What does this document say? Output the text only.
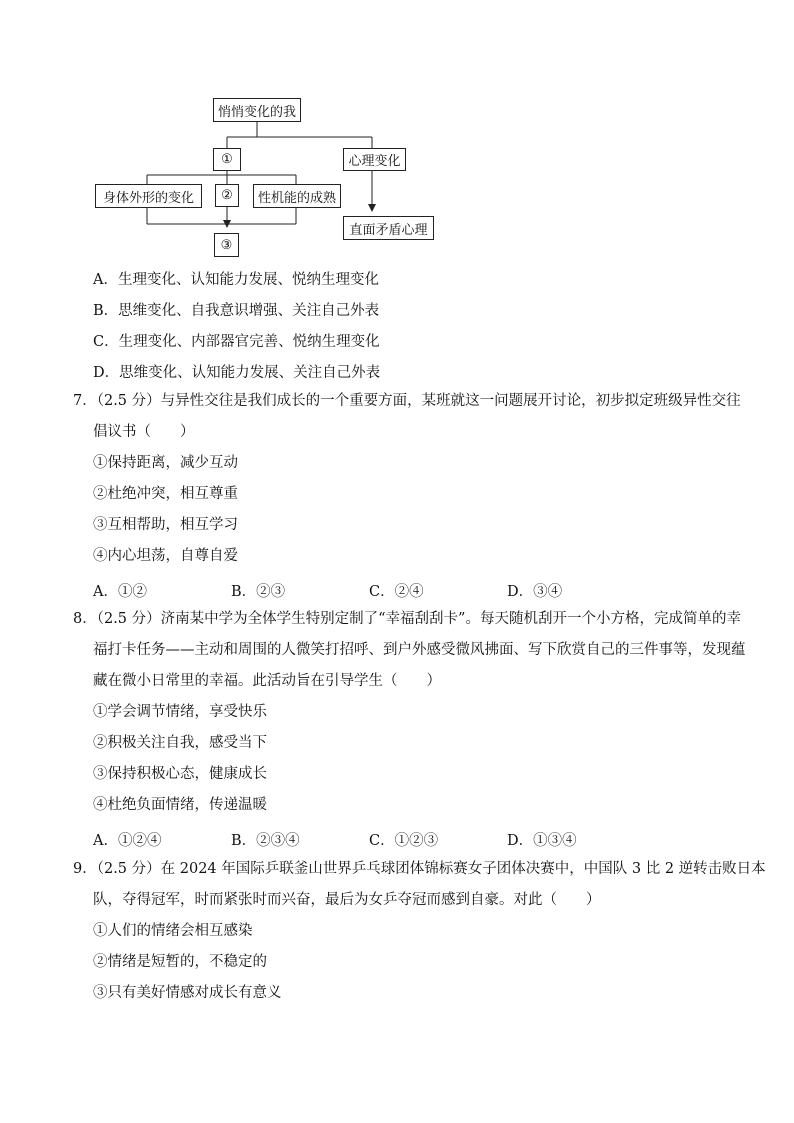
悄悄变化的我
①	心理变化
身体外形的变化	②	性机能的成熟
直面矛盾心理
③
A．生理变化、认知能力发展、悦纳生理变化
B．思维变化、自我意识增强、关注自己外表
C．生理变化、内部器官完善、悦纳生理变化
D．思维变化、认知能力发展、关注自己外表

7．（2.5 分）与异性交往是我们成长的一个重要方面，某班就这一问题展开讨论，初步拟定班级异性交往

倡议书（　　）

①保持距离，减少互动

②杜绝冲突，相互尊重

③互相帮助，相互学习

④内心坦荡，自尊自爱

A．①②	B．②③	C．②④	D．③④

8．（2.5 分）济南某中学为全体学生特别定制了“幸福刮刮卡”。每天随机刮开一个小方格，完成简单的幸

福打卡任务——主动和周围的人微笑打招呼、到户外感受微风拂面、写下欣赏自己的三件事等，发现蕴

藏在微小日常里的幸福。此活动旨在引导学生（　　）

①学会调节情绪，享受快乐

②积极关注自我，感受当下

③保持积极心态，健康成长

④杜绝负面情绪，传递温暖

A．①②④	B．②③④	C．①②③	D．①③④

9．（2.5 分）在 2024 年国际乒联釜山世界乒乓球团体锦标赛女子团体决赛中，中国队 3 比 2 逆转击败日本

队，夺得冠军，时而紧张时而兴奋，最后为女乒夺冠而感到自豪。对此（　　）

①人们的情绪会相互感染

②情绪是短暂的，不稳定的

③只有美好情感对成长有意义
